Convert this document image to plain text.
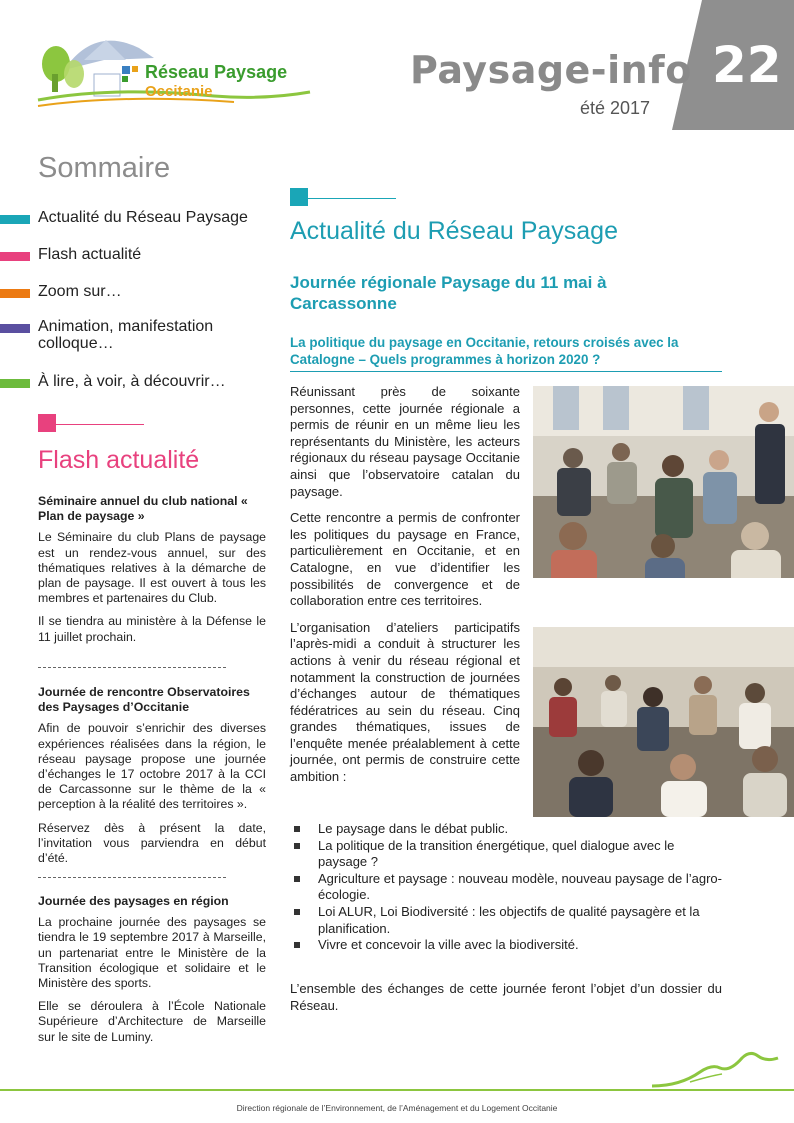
22
Réseau Paysage
Occitanie	Paysage-info
été 2017
Sommaire
Actualité du Réseau Paysage
Flash actualité
Zoom sur…
Animation, manifestation colloque…
À lire, à voir, à découvrir…
Flash actualité
Séminaire annuel du club national « Plan de paysage »

Le Séminaire du club Plans de paysage est un rendez-vous annuel, sur des thématiques relatives à la démarche de plan de paysage. Il est ouvert à tous les membres et partenaires du Club.

Il se tiendra au ministère à la Défense le 11 juillet prochain.

Journée de rencontre Observatoires des Paysages d’Occitanie

Afin de pouvoir s’enrichir des diverses expériences réalisées dans la région, le réseau paysage propose une journée d’échanges le 17 octobre 2017 à la CCI de Carcassonne sur le thème de la « perception à la réalité des territoires ».

Réservez dès à présent la date, l’invitation vous parviendra en début d’été.

Journée des paysages en région

La prochaine journée des paysages se tiendra le 19 septembre 2017 à Marseille, un partenariat entre le Ministère de la Transition écologique et solidaire et le Ministère des sports.

Elle se déroulera à l’École Nationale Supérieure d’Architecture de Marseille sur le site de Luminy.

Actualité du Réseau Paysage
Journée régionale Paysage du 11 mai à Carcassonne
La politique du paysage en Occitanie, retours croisés avec la Catalogne – Quels programmes à horizon 2020 ?

Réunissant près de soixante personnes, cette journée régionale a permis de réunir en un même lieu les représentants du Ministère, les acteurs régionaux du réseau paysage Occitanie ainsi que l’observatoire catalan du paysage.

Cette rencontre a permis de confronter les politiques du paysage en France, particulièrement en Occitanie, et en Catalogne, en vue d’identifier les possibilités de convergence et de collaboration entre ces territoires.

L’organisation d’ateliers participatifs l’après-midi a conduit à structurer les actions à venir du réseau régional et notamment la construction de journées d’échanges autour de thématiques fédératrices au sein du réseau. Cinq grandes thématiques, issues de l’enquête menée préalablement à cette journée, ont permis de construire cette ambition :

Le paysage dans le débat public.
La politique de la transition énergétique, quel dialogue avec le paysage ?
Agriculture et paysage : nouveau modèle, nouveau paysage de l’agro-écologie.
Loi ALUR, Loi Biodiversité : les objectifs de qualité paysagère et la planification.
Vivre et concevoir la ville avec la biodiversité.

L’ensemble des échanges de cette journée feront l’objet d’un dossier du Réseau.

Direction régionale de l’Environnement, de l’Aménagement et du Logement Occitanie
